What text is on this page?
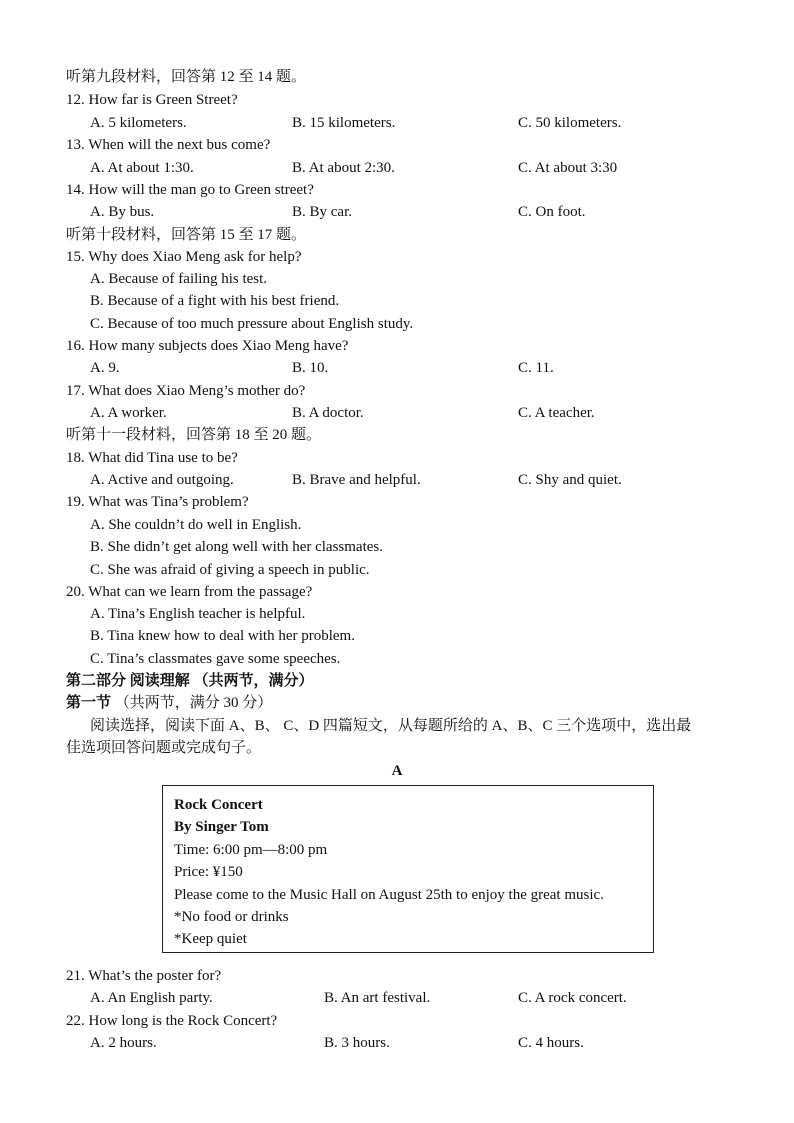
听第九段材料，回答第 12 至 14 题。
12. How far is Green Street?
A. 5 kilometers.	B. 15 kilometers.	C. 50 kilometers.
13. When will the next bus come?
A. At about 1:30.	B. At about 2:30.	C. At about 3:30
14. How will the man go to Green street?
A. By bus.	B. By car.	C. On foot.
听第十段材料，回答第 15 至 17 题。
15. Why does Xiao Meng ask for help?
A. Because of failing his test.
B. Because of a fight with his best friend.
C. Because of too much pressure about English study.
16. How many subjects does Xiao Meng have?
A. 9.	B. 10.	C. 11.
17. What does Xiao Meng’s mother do?
A. A worker.	B. A doctor.	C. A teacher.
听第十一段材料，回答第 18 至 20 题。
18. What did Tina use to be?
A. Active and outgoing.	B. Brave and helpful.	C. Shy and quiet.
19. What was Tina’s problem?
A. She couldn’t do well in English.
B. She didn’t get along well with her classmates.
C. She was afraid of giving a speech in public.
20. What can we learn from the passage?
A. Tina’s English teacher is helpful.
B. Tina knew how to deal with her problem.
C. Tina’s classmates gave some speeches.
第二部分 阅读理解 （共两节，满分）
第一节 （共两节，满分 30 分）
阅读选择，阅读下面 A、B、 C、D 四篇短文，从每题所给的 A、B、C 三个选项中，选出最
佳选项回答问题或完成句子。
A
Rock Concert
By Singer Tom
Time: 6:00 pm—8:00 pm
Price: ¥150
Please come to the Music Hall on August 25th to enjoy the great music.
*No food or drinks
*Keep quiet
21. What’s the poster for?
A. An English party.	B. An art festival.	C. A rock concert.
22. How long is the Rock Concert?
A. 2 hours.	B. 3 hours.	C. 4 hours.
